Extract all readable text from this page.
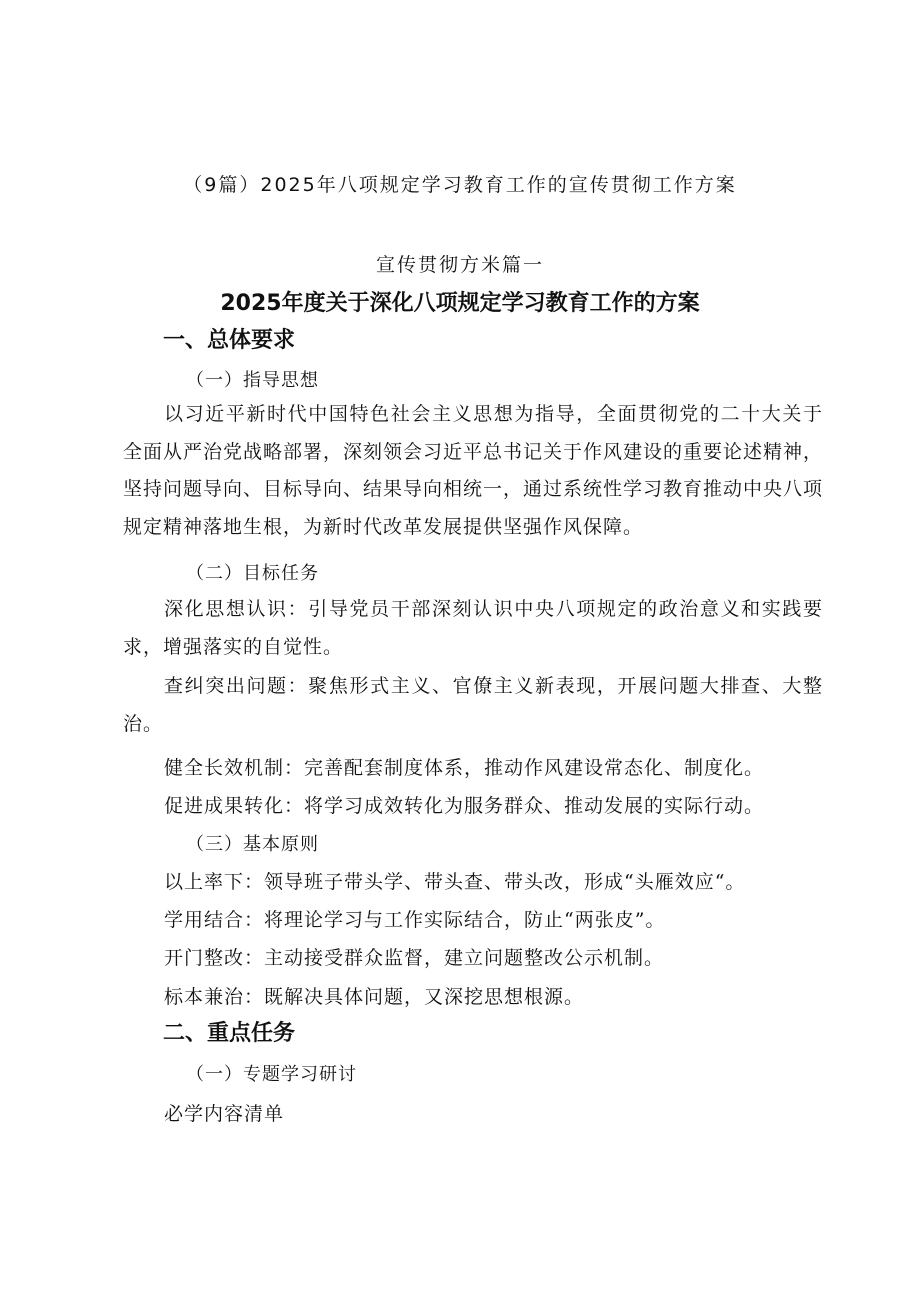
（9篇）2025年八项规定学习教育工作的宣传贯彻工作方案

宣传贯彻方米篇一

2025年度关于深化八项规定学习教育工作的方案

一、总体要求

（一）指导思想

以习近平新时代中国特色社会主义思想为指导，全面贯彻党的二十大关于全面从严治党战略部署，深刻领会习近平总书记关于作风建设的重要论述精神，坚持问题导向、目标导向、结果导向相统一，通过系统性学习教育推动中央八项规定精神落地生根，为新时代改革发展提供坚强作风保障。

（二）目标任务

深化思想认识：引导党员干部深刻认识中央八项规定的政治意义和实践要求，增强落实的自觉性。

查纠突出问题：聚焦形式主义、官僚主义新表现，开展问题大排查、大整治。

健全长效机制：完善配套制度体系，推动作风建设常态化、制度化。

促进成果转化：将学习成效转化为服务群众、推动发展的实际行动。

（三）基本原则

以上率下：领导班子带头学、带头查、带头改，形成“头雁效应“。

学用结合：将理论学习与工作实际结合，防止“两张皮”。

开门整改：主动接受群众监督，建立问题整改公示机制。

标本兼治：既解决具体问题，又深挖思想根源。

二、重点任务

（一）专题学习研讨

必学内容清单
